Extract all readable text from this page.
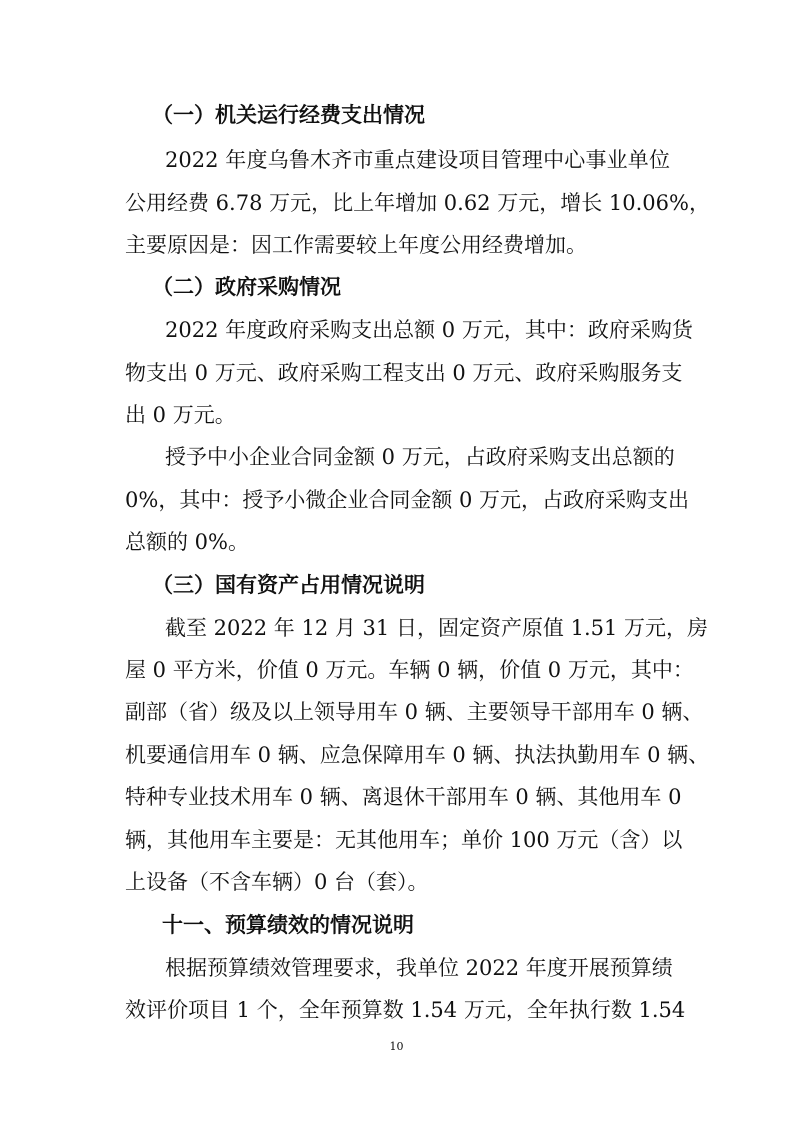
（一）机关运行经费支出情况
2022 年度乌鲁木齐市重点建设项目管理中心事业单位
公用经费 6.78 万元，比上年增加 0.62 万元，增长 10.06%，
主要原因是：因工作需要较上年度公用经费增加。
（二）政府采购情况
2022 年度政府采购支出总额 0 万元，其中：政府采购货
物支出 0 万元、政府采购工程支出 0 万元、政府采购服务支
出 0 万元。
授予中小企业合同金额 0 万元，占政府采购支出总额的
0%，其中：授予小微企业合同金额 0 万元，占政府采购支出
总额的 0%。
（三）国有资产占用情况说明
截至 2022 年 12 月 31 日，固定资产原值 1.51 万元，房
屋 0 平方米，价值 0 万元。车辆 0 辆，价值 0 万元，其中：
副部（省）级及以上领导用车 0 辆、主要领导干部用车 0 辆、
机要通信用车 0 辆、应急保障用车 0 辆、执法执勤用车 0 辆、
特种专业技术用车 0 辆、离退休干部用车 0 辆、其他用车 0
辆，其他用车主要是：无其他用车；单价 100 万元（含）以
上设备（不含车辆）0 台（套）。
十一、预算绩效的情况说明
根据预算绩效管理要求，我单位 2022 年度开展预算绩
效评价项目 1 个，全年预算数 1.54 万元，全年执行数 1.54
10
